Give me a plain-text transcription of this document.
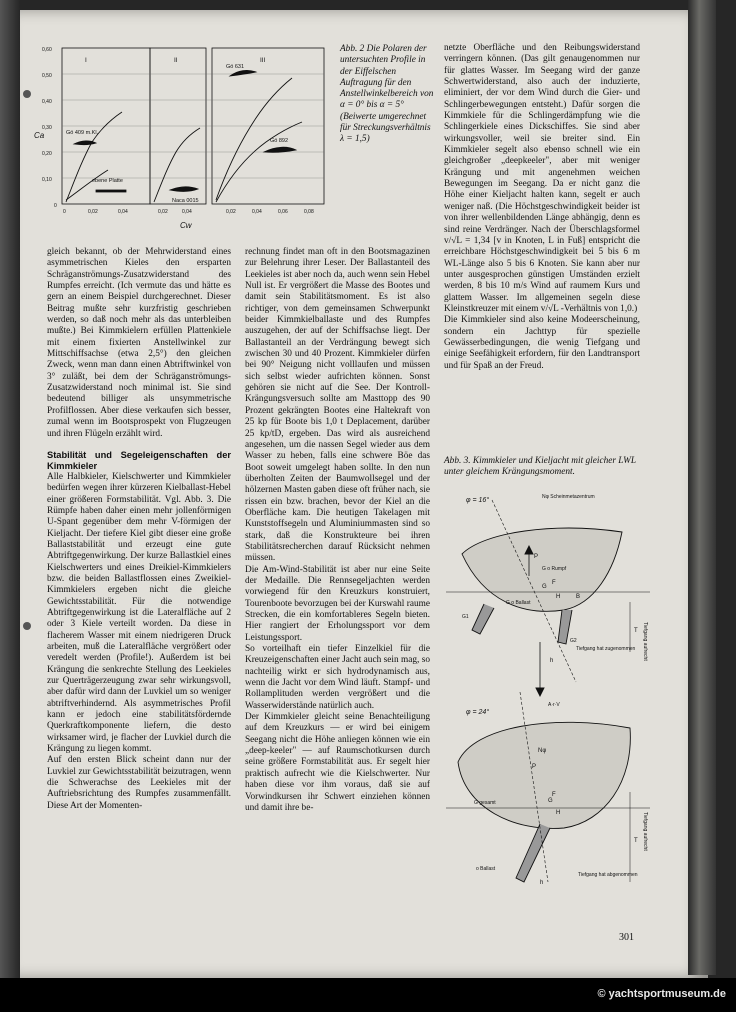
I	II	III
Ca
Cw
0,60
0,50
0,40
0,30
0,20
0,10
0
0	0,02	0,04	0,02	0,04	0,02	0,04	0,06	0,08
Gö 409 m.Kl.
ebene Platte
Naca 0015
Gö 631
Gö 892
Abb. 2 Die Polaren der untersuchten Profile in der Eiffelschen Auftragung für den Anstellwinkelbereich von α = 0° bis α = 5° (Beiwerte umgerechnet für Streckungsverhältnis λ = 1,5)

gleich bekannt, ob der Mehrwiderstand eines asymmetrischen Kieles den ersparten Schräganströmungs-Zusatzwiderstand des Rumpfes erreicht. (Ich vermute das und hätte es gern an einem Beispiel durchgerechnet. Dieser Beitrag mußte sehr kurzfristig geschrieben werden, so daß noch mehr als das unterbleiben mußte.) Bei Kimmkielern erfüllen Plattenkiele mit einem fixierten Anstellwinkel zur Mittschiffsachse (etwa 2,5°) den gleichen Zweck, wenn man dann einen Abtriftwinkel von 3° zuläßt, bei dem der Schräganströmungs-Zusatzwiderstand noch minimal ist. Sie sind bedeutend billiger als unsymmetrische Profilflossen. Aber diese verkaufen sich besser, zumal wenn im Bootsprospekt von Flugzeugen und ihren Flügeln erzählt wird.

Stabilität und Segeleigenschaften der Kimmkieler

Alle Halbkieler, Kielschwerter und Kimmkieler bedürfen wegen ihrer kürzeren Kielballast-Hebel einer größeren Formstabilität. Vgl. Abb. 3. Die Rümpfe haben daher einen mehr jollenförmigen U-Spant gegenüber dem mehr V-förmigen der Kieljacht. Der tiefere Kiel gibt dieser eine große Ballaststabilität und erzeugt eine gute Abtriftgegenwirkung. Der kurze Ballastkiel eines Kielschwerters und eines Dreikiel-Kimmkielers bzw. die beiden Ballastflossen eines Zweikiel-Kimmkielers ergeben nicht die gleiche Gewichtsstabilität. Für die notwendige Abtriftgegenwirkung ist die Lateralfläche auf 2 oder 3 Kiele verteilt worden. Da diese in flacherem Wasser mit einem niedrigeren Druck arbeiten, muß die Lateralfläche vergrößert oder veredelt werden (Profile!). Außerdem ist bei Krängung die senkrechte Stellung des Leekieles zur Querträgerzeugung zwar sehr wirkungsvoll, aber dafür wird dann der Luvkiel um so weniger abtriftverhindernd. Als asymmetrisches Profil kann er jedoch eine stabilitätsfördernde Querkraftkomponente liefern, die desto wirksamer wird, je flacher der Luvkiel durch die Krängung zu liegen kommt.

Auf den ersten Blick scheint dann nur der Luvkiel zur Gewichtsstabilität beizutragen, wenn die Schwerachse des Leekieles mit der Auftriebsrichtung des Rumpfes zusammenfällt. Diese Art der Momenten-

rechnung findet man oft in den Bootsmagazinen zur Belehrung ihrer Leser. Der Ballastanteil des Leekieles ist aber noch da, auch wenn sein Hebel Null ist. Er vergrößert die Masse des Bootes und damit sein Stabilitätsmoment. Es ist also richtiger, von dem gemeinsamen Schwerpunkt beider Kimmkielballaste und des Rumpfes auszugehen, der auf der Schiffsachse liegt. Der Ballastanteil an der Verdrängung bewegt sich zwischen 30 und 40 Prozent. Kimmkieler dürfen bei 90° Neigung nicht volllaufen und müssen sich selbst wieder aufrichten können. Sonst gehören sie nicht auf die See. Der Kontroll-Krängungsversuch sollte am Masttopp des 90 Prozent gekrängten Bootes eine Haltekraft von 25 kp für Boote bis 1,0 t Deplacement, darüber 25 kp/tD, ergeben. Das wird als ausreichend angesehen, um die nassen Segel wieder aus dem Wasser zu heben, falls eine schwere Böe das Boot soweit umgelegt haben sollte. In den nun überholten Zeiten der Baumwollsegel und der hölzernen Masten gaben diese oft früher nach, sie rissen ein bzw. brachen, bevor der Kiel an die Oberfläche kam. Die heutigen Takelagen mit Kunststoffsegeln und Aluminiummasten sind so stark, daß die Konstrukteure bei ihren Stabilitätsrecherchen darauf Rücksicht nehmen müssen.

Die Am-Wind-Stabilität ist aber nur eine Seite der Medaille. Die Rennsegeljachten werden vorwiegend für den Kreuzkurs konstruiert, Tourenboote bevorzugen bei der Kurswahl raume Strecken, die ein komfortableres Segeln bieten. Hier rangiert der Erholungssport vor dem Leistungssport.

So vorteilhaft ein tiefer Einzelkiel für die Kreuzeigenschaften einer Jacht auch sein mag, so nachteilig wirkt er sich hydrodynamisch aus, wenn die Jacht vor dem Wind läuft. Stampf- und Rollamplituden werden vergrößert und die Wasserwiderstände natürlich auch.

Der Kimmkieler gleicht seine Benachteiligung auf dem Kreuzkurs — er wird bei einigem Seegang nicht die Höhe anliegen können wie ein „deep-keeler" — auf Raumschotkursen durch seine größere Formstabilität aus. Er segelt hier praktisch aufrecht wie die Kielschwerter. Nur haben diese vor ihm voraus, daß sie auf Vorwindkursen ihr Schwert einziehen können und damit ihre be-

netzte Oberfläche und den Reibungswiderstand verringern können. (Das gilt genaugenommen nur für glattes Wasser. Im Seegang wird der ganze Schwertwiderstand, also auch der induzierte, eliminiert, der vor dem Wind durch die Gier- und Schlingerbewegungen entsteht.) Dafür sorgen die Kimmkiele für die Schlingerdämpfung wie die Schlingerkiele eines Dickschiffes. Sie sind aber wirkungsvoller, weil sie breiter sind. Ein Kimmkieler segelt also ebenso schnell wie ein gleichgroßer „deepkeeler", aber mit weniger Krängung und mit angenehmen weichen Bewegungen im Seegang. Da er nicht ganz die Höhe einer Kieljacht halten kann, segelt er auch weniger naß. (Die Höchstgeschwindigkeit beider ist von ihrer wellenbildenden Länge abhängig, denn es sind reine Verdränger. Nach der Überschlagsformel v/√L = 1,34 [v in Knoten, L in Fuß] entspricht die erreichbare Höchstgeschwindigkeit bei 5 bis 6 m WL-Länge also 5 bis 6 Knoten. Sie kann aber nur unter ausgesprochen günstigen Umständen erzielt werden, 8 bis 10 m/s Wind auf raumem Kurs und glattem Wasser. Im allgemeinen segeln diese Kleinstkreuzer mit einem v/√L -Verhältnis von 1,0.)

Die Kimmkieler sind also keine Modeerscheinung, sondern ein Jachttyp für spezielle Gewässerbedingungen, die wenig Tiefgang und einige Seefähigkeit erfordern, für den Landtransport und für Spaß an der Freud.

Abb. 3. Kimmkieler und Kieljacht mit gleicher LWL unter gleichem Krängungsmoment.
φ = 16°	Nφ Scheinmetazentrum
P
G o Rumpf
G o Ballast
G
F
H	B
G1
G2
h
T Tiefgang aufrecht
Tiefgang hat zugenommen
A·r·V
φ = 24°
Nφ
P
F
G
H
G gesamt
T
h
Tiefgang aufrecht
Tiefgang hat abgenommen
o Ballast
301
© yachtsportmuseum.de
